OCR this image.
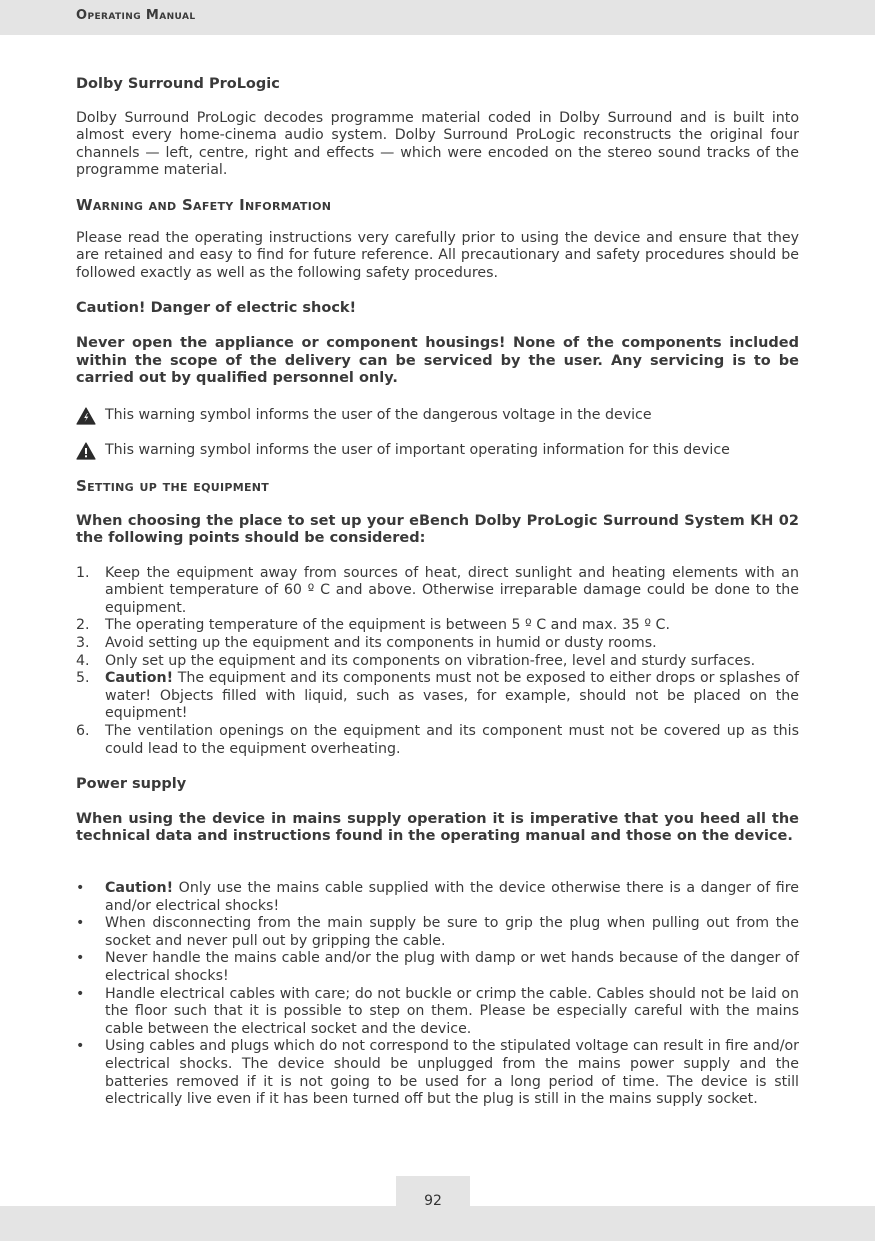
Operating Manual

Dolby Surround ProLogic

Dolby Surround ProLogic decodes programme material coded in Dolby Surround and is built into almost every home-cinema audio system. Dolby Surround ProLogic reconstructs the original four channels — left, centre, right and effects — which were encoded on the stereo sound tracks of the programme material.

Warning and Safety Information

Please read the operating instructions very carefully prior to using the device and ensure that they are retained and easy to find for future reference. All precautionary and safety procedures should be followed exactly as well as the following safety procedures.

Caution! Danger of electric shock!

Never open the appliance or component housings! None of the components included within the scope of the delivery can be serviced by the user. Any servicing is to be carried out by qualified personnel only.

This warning symbol informs the user of the dangerous voltage in the device
This warning symbol informs the user of important operating information for this device

Setting up the equipment

When choosing the place to set up your eBench Dolby ProLogic Surround System KH 02 the following points should be considered:

1. Keep the equipment away from sources of heat, direct sunlight and heating elements with an ambient temperature of 60 º C and above. Otherwise irreparable damage could be done to the equipment.
2. The operating temperature of the equipment is between 5 º C and max. 35 º C.
3. Avoid setting up the equipment and its components in humid or dusty rooms.
4. Only set up the equipment and its components on vibration-free, level and sturdy surfaces.
5. Caution! The equipment and its components must not be exposed to either drops or splashes of water! Objects filled with liquid, such as vases, for example, should not be placed on the equipment!
6. The ventilation openings on the equipment and its component must not be covered up as this could lead to the equipment overheating.

Power supply

When using the device in mains supply operation it is imperative that you heed all the technical data and instructions found in the operating manual and those on the device.

• Caution! Only use the mains cable supplied with the device otherwise there is a danger of fire and/or electrical shocks!
• When disconnecting from the main supply be sure to grip the plug when pulling out from the socket and never pull out by gripping the cable.
• Never handle the mains cable and/or the plug with damp or wet hands because of the danger of electrical shocks!
• Handle electrical cables with care; do not buckle or crimp the cable. Cables should not be laid on the floor such that it is possible to step on them. Please be especially careful with the mains cable between the electrical socket and the device.
• Using cables and plugs which do not correspond to the stipulated voltage can result in fire and/or electrical shocks. The device should be unplugged from the mains power supply and the batteries removed if it is not going to be used for a long period of time. The device is still electrically live even if it has been turned off but the plug is still in the mains supply socket.
92
